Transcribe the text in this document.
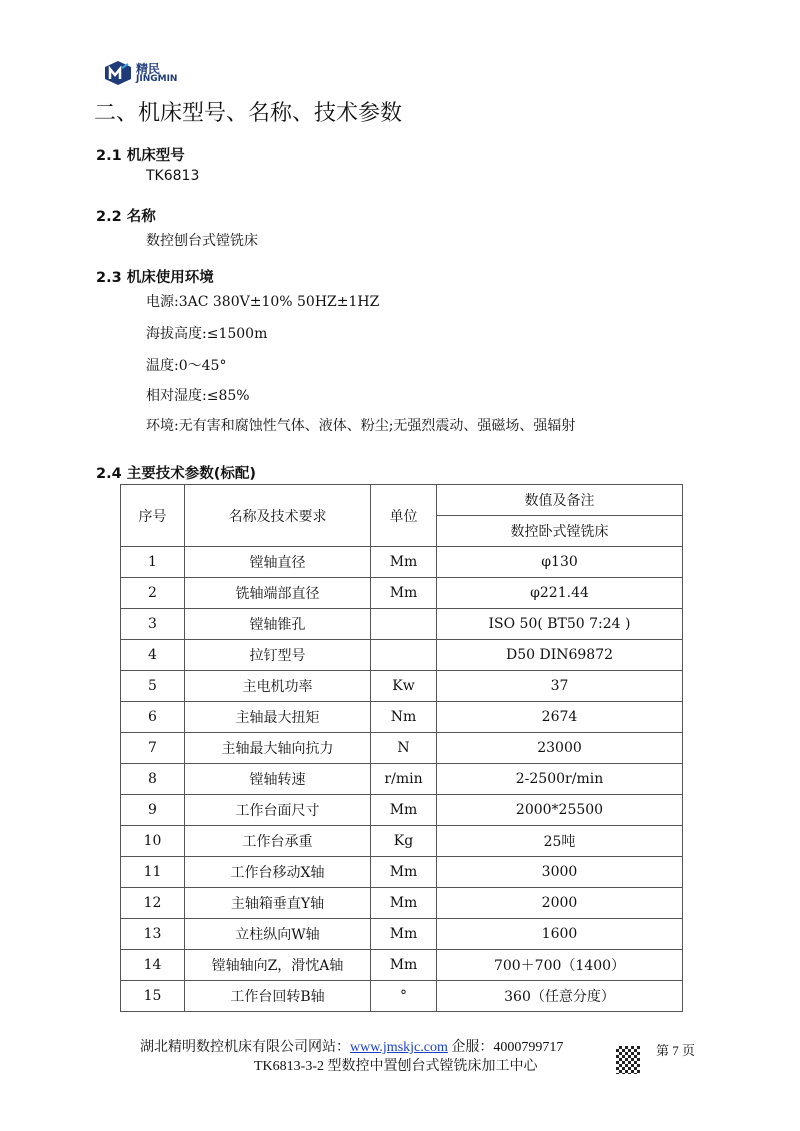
精民
JINGMIN
二、机床型号、名称、技术参数
2.1 机床型号
TK6813
2.2 名称
数控刨台式镗铣床
2.3 机床使用环境
电源:3AC 380V±10% 50HZ±1HZ
海拔高度:≤1500m
温度:0～45°
相对湿度:≤85%
环境:无有害和腐蚀性气体、液体、粉尘;无强烈震动、强磁场、强辐射
2.4 主要技术参数(标配)
序号	名称及技术要求	单位	数值及备注
			数控卧式镗铣床
1	镗轴直径	Mm	φ130
2	铣轴端部直径	Mm	φ221.44
3	镗轴锥孔		ISO 50( BT50 7:24 )
4	拉钉型号		D50 DIN69872
5	主电机功率	Kw	37
6	主轴最大扭矩	Nm	2674
7	主轴最大轴向抗力	N	23000
8	镗轴转速	r/min	2-2500r/min
9	工作台面尺寸	Mm	2000*25500
10	工作台承重	Kg	25吨
11	工作台移动X轴	Mm	3000
12	主轴箱垂直Y轴	Mm	2000
13	立柱纵向W轴	Mm	1600
14	镗轴轴向Z，滑忱A轴	Mm	700＋700（1400）
15	工作台回转B轴	°	360（任意分度）
湖北精明数控机床有限公司网站：www.jmskjc.com 企服：4000799717
TK6813-3-2 型数控中置刨台式镗铣床加工中心
第 7 页
